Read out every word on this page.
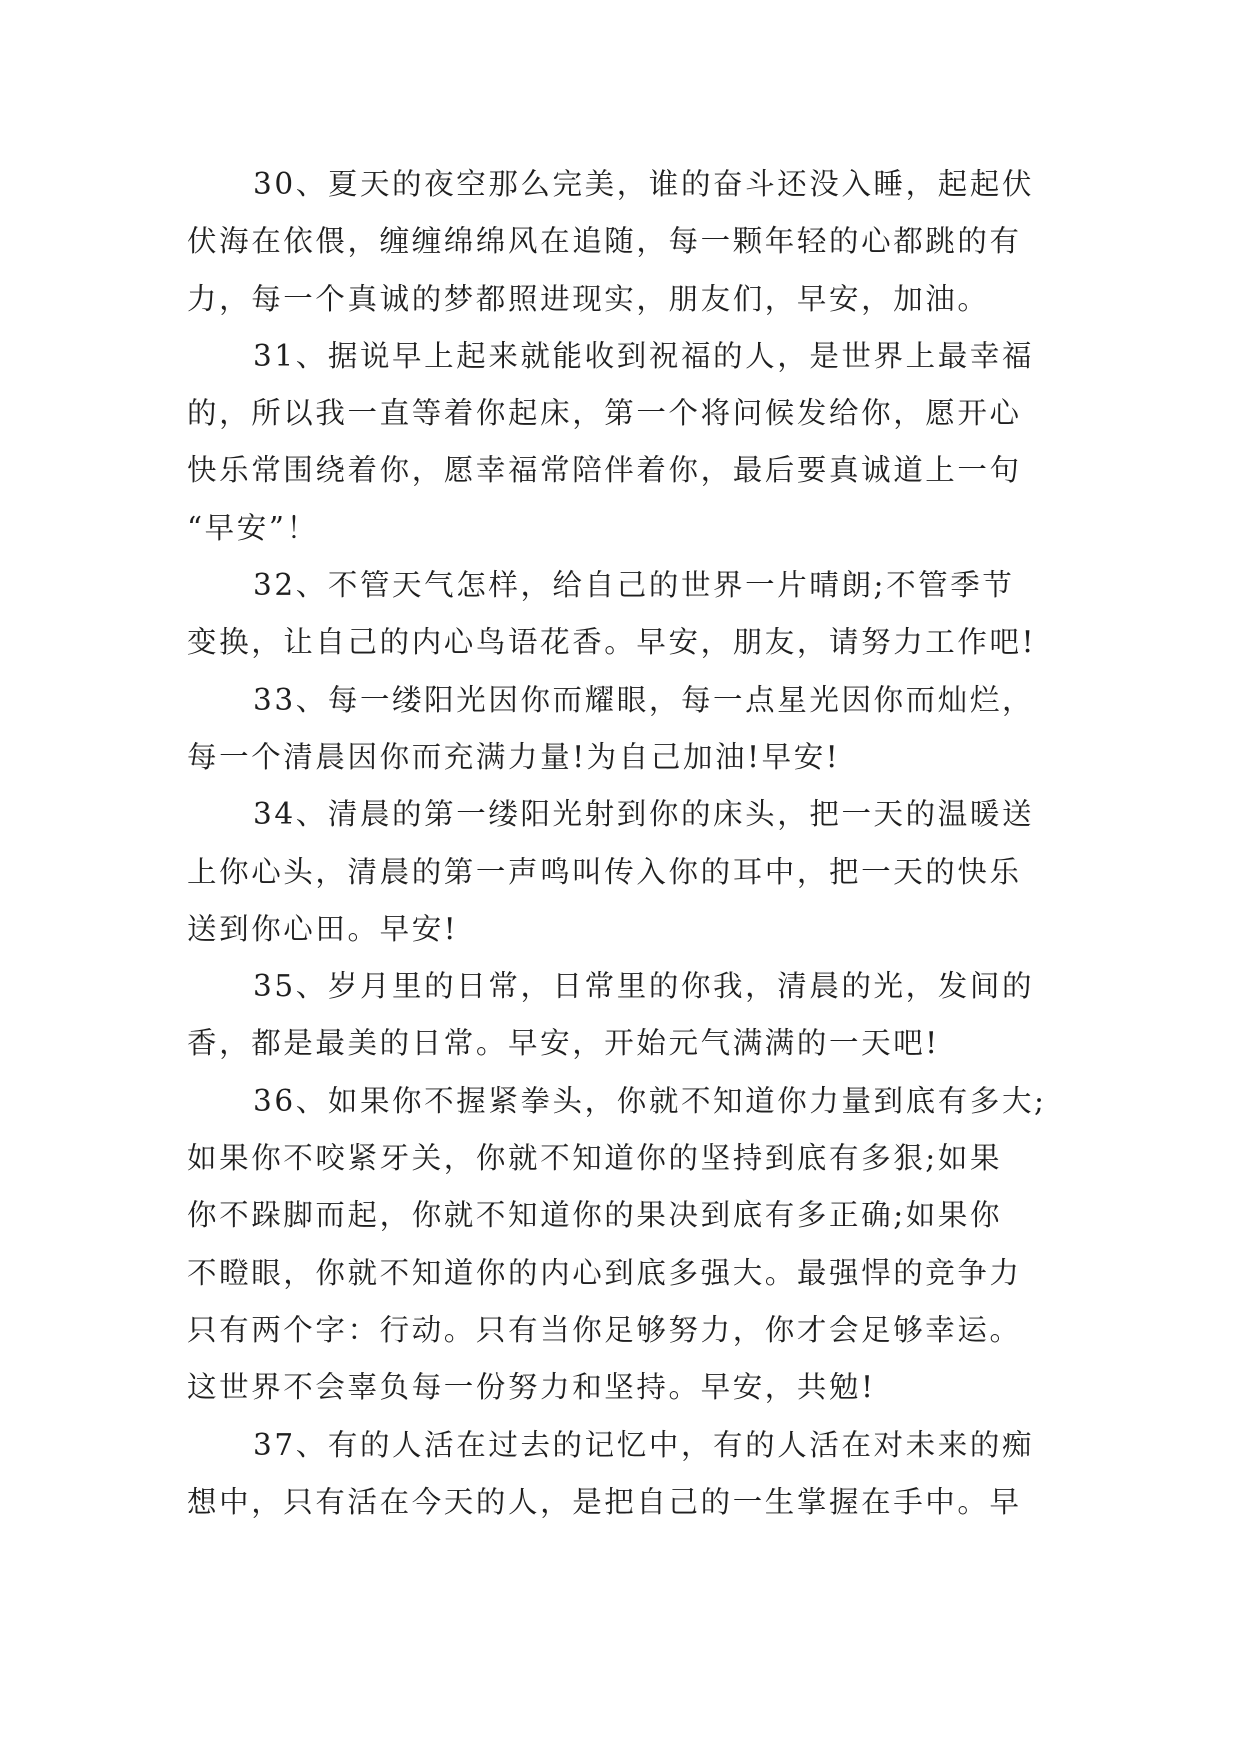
30、夏天的夜空那么完美，谁的奋斗还没入睡，起起伏
伏海在依偎，缠缠绵绵风在追随，每一颗年轻的心都跳的有
力，每一个真诚的梦都照进现实，朋友们，早安，加油。

31、据说早上起来就能收到祝福的人，是世界上最幸福
的，所以我一直等着你起床，第一个将问候发给你，愿开心
快乐常围绕着你，愿幸福常陪伴着你，最后要真诚道上一句
“早安”！

32、不管天气怎样，给自己的世界一片晴朗;不管季节
变换，让自己的内心鸟语花香。早安，朋友，请努力工作吧!

33、每一缕阳光因你而耀眼，每一点星光因你而灿烂，
每一个清晨因你而充满力量!为自己加油!早安!

34、清晨的第一缕阳光射到你的床头，把一天的温暖送
上你心头，清晨的第一声鸣叫传入你的耳中，把一天的快乐
送到你心田。早安!

35、岁月里的日常，日常里的你我，清晨的光，发间的
香，都是最美的日常。早安，开始元气满满的一天吧!

36、如果你不握紧拳头，你就不知道你力量到底有多大;
如果你不咬紧牙关，你就不知道你的坚持到底有多狠;如果
你不跺脚而起，你就不知道你的果决到底有多正确;如果你
不瞪眼，你就不知道你的内心到底多强大。最强悍的竞争力
只有两个字：行动。只有当你足够努力，你才会足够幸运。
这世界不会辜负每一份努力和坚持。早安，共勉!

37、有的人活在过去的记忆中，有的人活在对未来的痴
想中，只有活在今天的人，是把自己的一生掌握在手中。早
